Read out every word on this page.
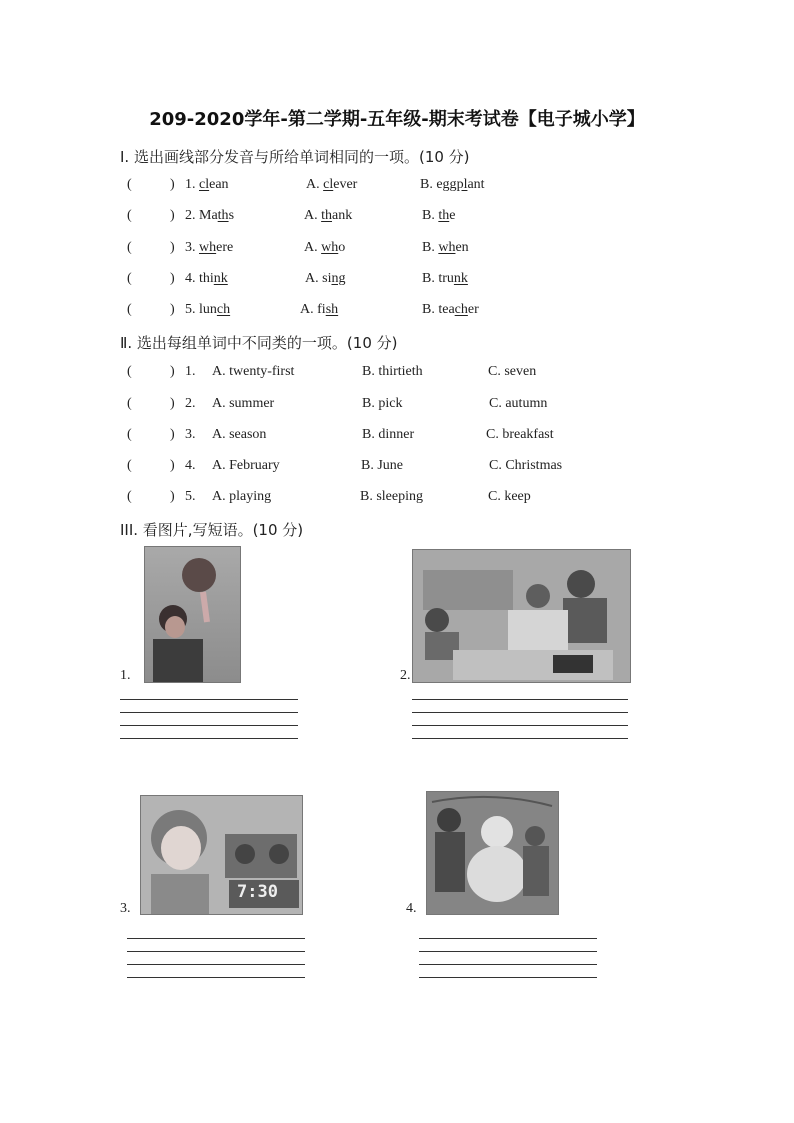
209-2020学年-第二学期-五年级-期末考试卷【电子城小学】
Ⅰ. 选出画线部分发音与所给单词相同的一项。(10 分)
(	) 1. clean	A. clever	B. eggplant
(	) 2. Maths	A. thank	B. the
(	) 3. where	A. who	B. when
(	) 4. think	A. sing	B. trunk
(	) 5. lunch	A. fish	B. teacher
Ⅱ. 选出每组单词中不同类的一项。(10 分)
(	) 1. A. twenty-first	B. thirtieth	C. seven
(	) 2. A. summer	B. pick	C. autumn
(	) 3. A. season	B. dinner	C. breakfast
(	) 4. A. February	B. June	C. Christmas
(	) 5. A. playing	B. sleeping	C. keep
III. 看图片,写短语。(10 分)
1.	2.
3.
7:30
4.
